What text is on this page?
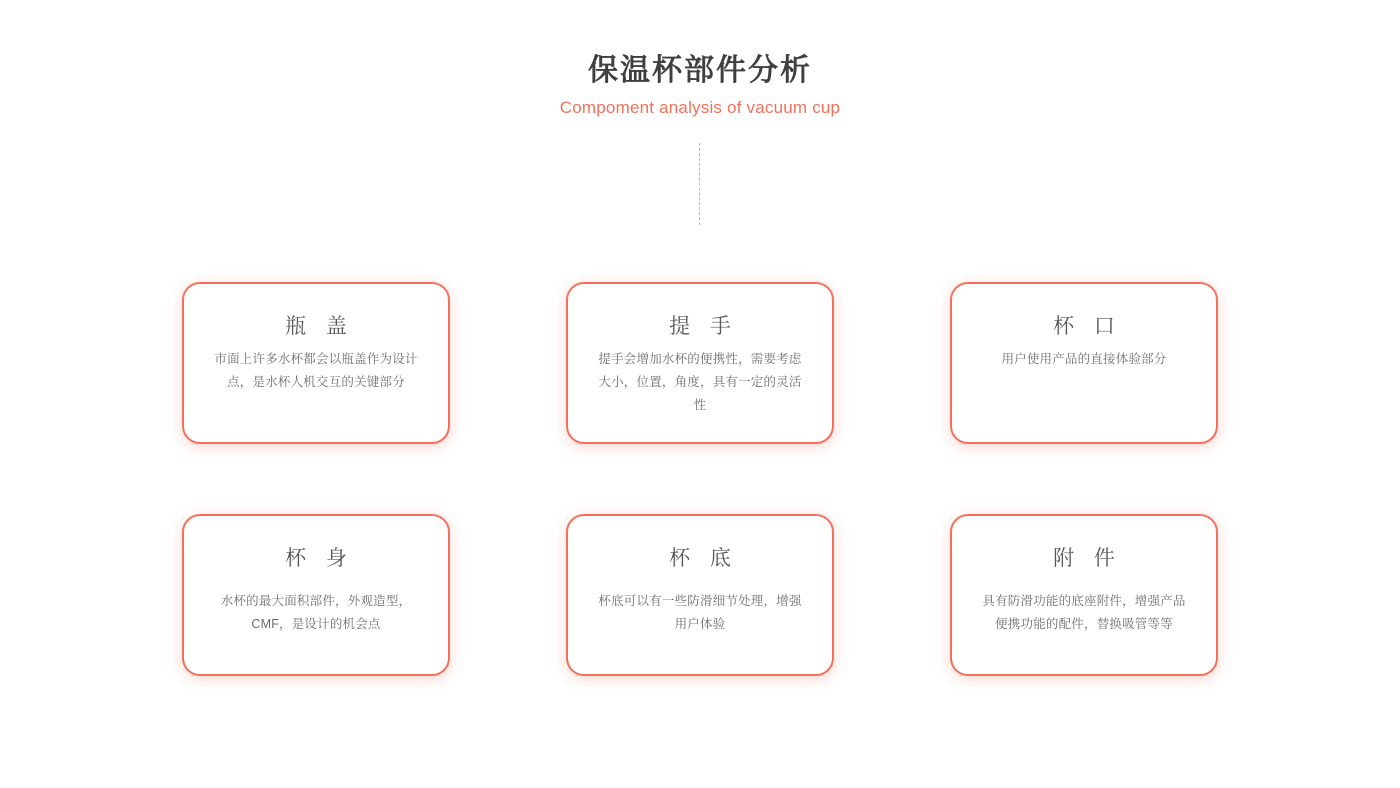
保温杯部件分析
Compoment analysis of vacuum cup
瓶 盖
市面上许多水杯都会以瓶盖作为设计点，是水杯人机交互的关键部分
提 手
提手会增加水杯的便携性，需要考虑大小，位置，角度，具有一定的灵活性
杯 口
用户使用产品的直接体验部分
杯 身
水杯的最大面积部件，外观造型，CMF，是设计的机会点
杯 底
杯底可以有一些防滑细节处理，增强用户体验
附 件
具有防滑功能的底座附件，增强产品便携功能的配件，替换吸管等等
